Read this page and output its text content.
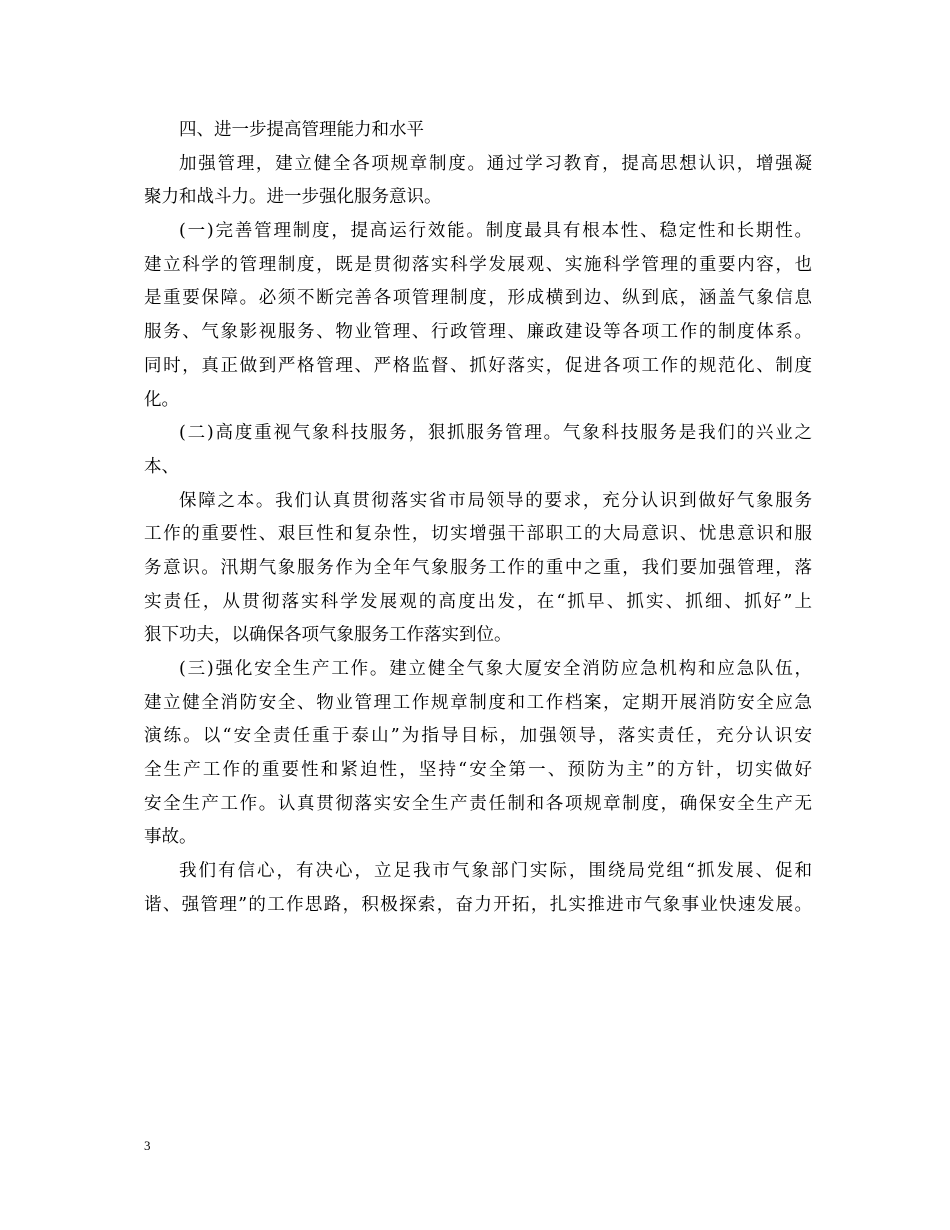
四、进一步提高管理能力和水平
加强管理，建立健全各项规章制度。通过学习教育，提高思想认识，增强凝
聚力和战斗力。进一步强化服务意识。
(一)完善管理制度，提高运行效能。制度最具有根本性、稳定性和长期性。
建立科学的管理制度，既是贯彻落实科学发展观、实施科学管理的重要内容，也
是重要保障。必须不断完善各项管理制度，形成横到边、纵到底，涵盖气象信息
服务、气象影视服务、物业管理、行政管理、廉政建设等各项工作的制度体系。
同时，真正做到严格管理、严格监督、抓好落实，促进各项工作的规范化、制度
化。
(二)高度重视气象科技服务，狠抓服务管理。气象科技服务是我们的兴业之
本、
保障之本。我们认真贯彻落实省市局领导的要求，充分认识到做好气象服务
工作的重要性、艰巨性和复杂性，切实增强干部职工的大局意识、忧患意识和服
务意识。汛期气象服务作为全年气象服务工作的重中之重，我们要加强管理，落
实责任，从贯彻落实科学发展观的高度出发，在“抓早、抓实、抓细、抓好”上
狠下功夫，以确保各项气象服务工作落实到位。
(三)强化安全生产工作。建立健全气象大厦安全消防应急机构和应急队伍，
建立健全消防安全、物业管理工作规章制度和工作档案，定期开展消防安全应急
演练。以“安全责任重于泰山”为指导目标，加强领导，落实责任，充分认识安
全生产工作的重要性和紧迫性，坚持“安全第一、预防为主”的方针，切实做好
安全生产工作。认真贯彻落实安全生产责任制和各项规章制度，确保安全生产无
事故。
我们有信心，有决心，立足我市气象部门实际，围绕局党组“抓发展、促和
谐、强管理”的工作思路，积极探索，奋力开拓，扎实推进市气象事业快速发展。
3
